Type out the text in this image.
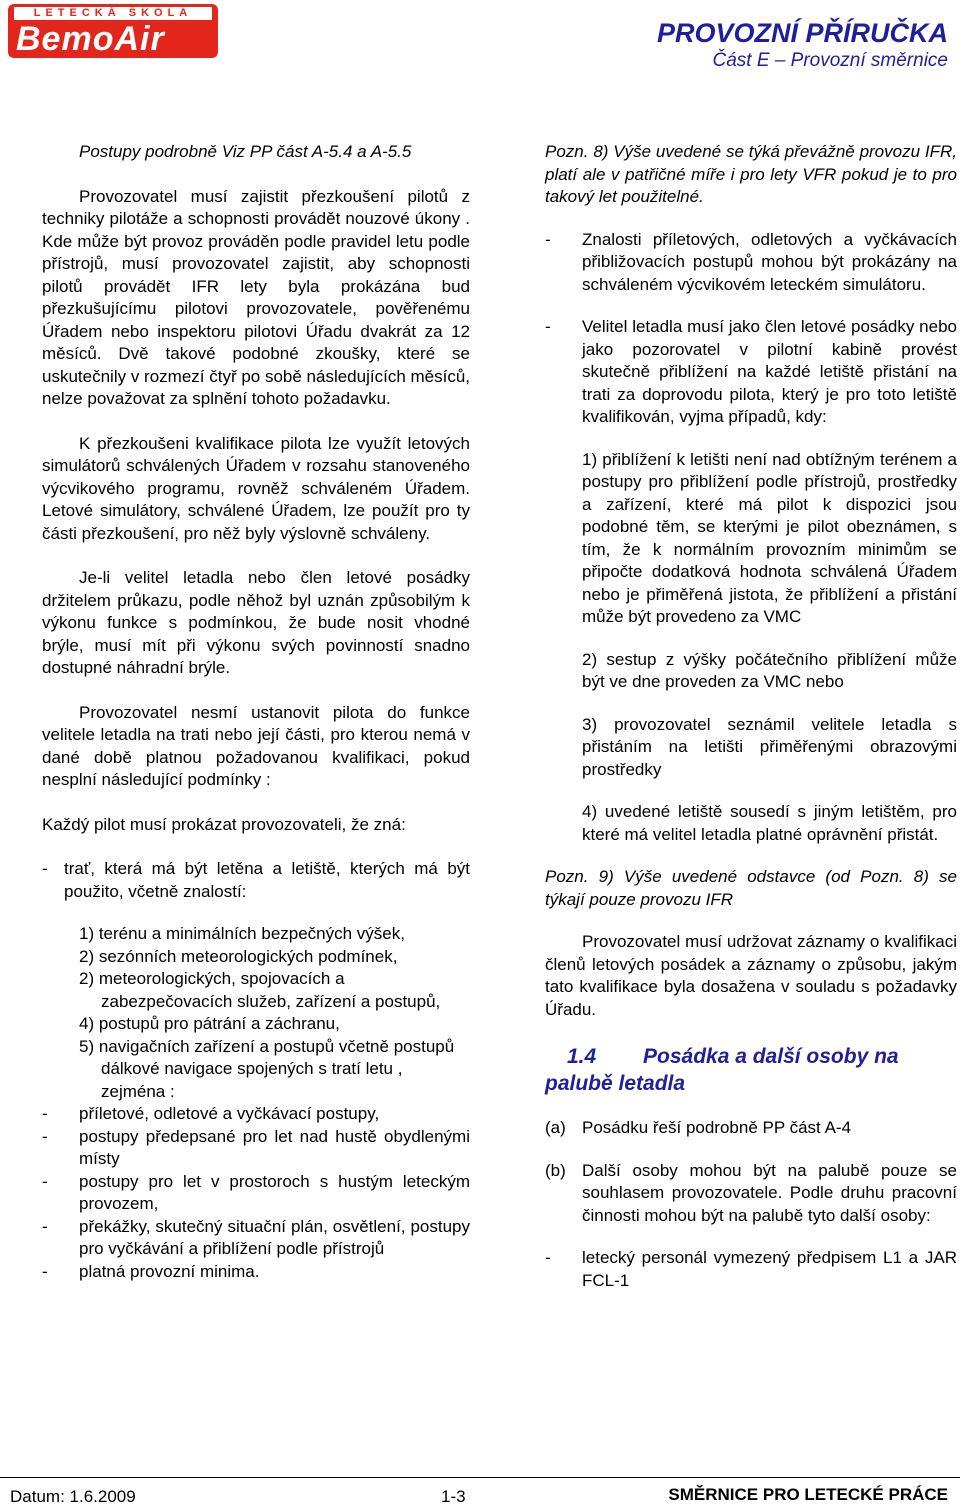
LETECKÁ ŠKOLA
BemoAir	PROVOZNÍ PŘÍRUČKA
Část E – Provozní směrnice

Postupy podrobně Viz PP část A-5.4 a A-5.5

Provozovatel musí zajistit přezkoušení pilotů z techniky pilotáže a schopnosti provádět nouzové úkony . Kde může být provoz prováděn podle pravidel letu podle přístrojů, musí provozovatel zajistit, aby schopnosti pilotů provádět IFR lety byla prokázána bud přezkušujícímu pilotovi provozovatele, pověřenému Úřadem nebo inspektoru pilotovi Úřadu dvakrát za 12 měsíců. Dvě takové podobné zkoušky, které se uskutečnily v rozmezí čtyř po sobě následujících měsíců, nelze považovat za splnění tohoto požadavku.

K přezkoušeni kvalifikace pilota lze využít letových simulátorů schválených Úřadem v rozsahu stanoveného výcvikového programu, rovněž schváleném Úřadem. Letové simulátory, schválené Úřadem, lze použít pro ty části přezkoušení, pro něž byly výslovně schváleny.

Je-li velitel letadla nebo člen letové posádky držitelem průkazu, podle něhož byl uznán způsobilým k výkonu funkce s podmínkou, že bude nosit vhodné brýle, musí mít při výkonu svých povinností snadno dostupné náhradní brýle.

Provozovatel nesmí ustanovit pilota do funkce velitele letadla na trati nebo její části, pro kterou nemá v dané době platnou požadovanou kvalifikaci, pokud nesplní následující podmínky :

Každý pilot musí prokázat provozovateli, že zná:

- trať, která má být letěna a letiště, kterých má být použito, včetně znalostí:
1) terénu a minimálních bezpečných výšek,
2) sezónních meteorologických podmínek,
2) meteorologických, spojovacích a zabezpečovacích služeb, zařízení a postupů,
4) postupů pro pátrání a záchranu,
5) navigačních zařízení a postupů včetně postupů dálkové navigace spojených s tratí letu , zejména :
- příletové, odletové a vyčkávací postupy,
- postupy předepsané pro let nad hustě obydlenými místy
- postupy pro let v prostoroch s hustým leteckým provozem,
- překážky, skutečný situační plán, osvětlení, postupy pro vyčkávání a přiblížení podle přístrojů
- platná provozní minima.

Pozn. 8) Výše uvedené se týká převážně provozu IFR, platí ale v patřičné míře i pro lety VFR pokud je to pro takový let použitelné.

- Znalosti příletových, odletových a vyčkávacích přibližovacích postupů mohou být prokázány na schváleném výcvikovém leteckém simulátoru.
- Velitel letadla musí jako člen letové posádky nebo jako pozorovatel v pilotní kabině provést skutečně přiblížení na každé letiště přistání na trati za doprovodu pilota, který je pro toto letiště kvalifikován, vyjma případů, kdy:

1) přiblížení k letišti není nad obtížným terénem a postupy pro přiblížení podle přístrojů, prostředky a zařízení, které má pilot k dispozici jsou podobné těm, se kterými je pilot obeznámen, s tím, že k normálním provozním minimům se připočte dodatková hodnota schválená Úřadem nebo je přiměřená jistota, že přiblížení a přistání může být provedeno za VMC

2) sestup z výšky počátečního přiblížení může být ve dne proveden za VMC nebo

3) provozovatel seznámil velitele letadla s přistáním na letišti přiměřenými obrazovými prostředky

4) uvedené letiště sousedí s jiným letištěm, pro které má velitel letadla platné oprávnění přistát.

Pozn. 9) Výše uvedené odstavce (od Pozn. 8) se týkají pouze provozu IFR

Provozovatel musí udržovat záznamy o kvalifikaci členů letových posádek a záznamy o způsobu, jakým tato kvalifikace byla dosažena v souladu s požadavky Úřadu.

1.4 Posádka a další osoby na palubě letadla
(a) Posádku řeší podrobně PP část A-4
(b) Další osoby mohou být na palubě pouze se souhlasem provozovatele. Podle druhu pracovní činnosti mohou být na palubě tyto další osoby:
- letecký personál vymezený předpisem L1 a JAR FCL-1
Datum: 1.6.2009	1-3	SMĚRNICE PRO LETECKÉ PRÁCE
